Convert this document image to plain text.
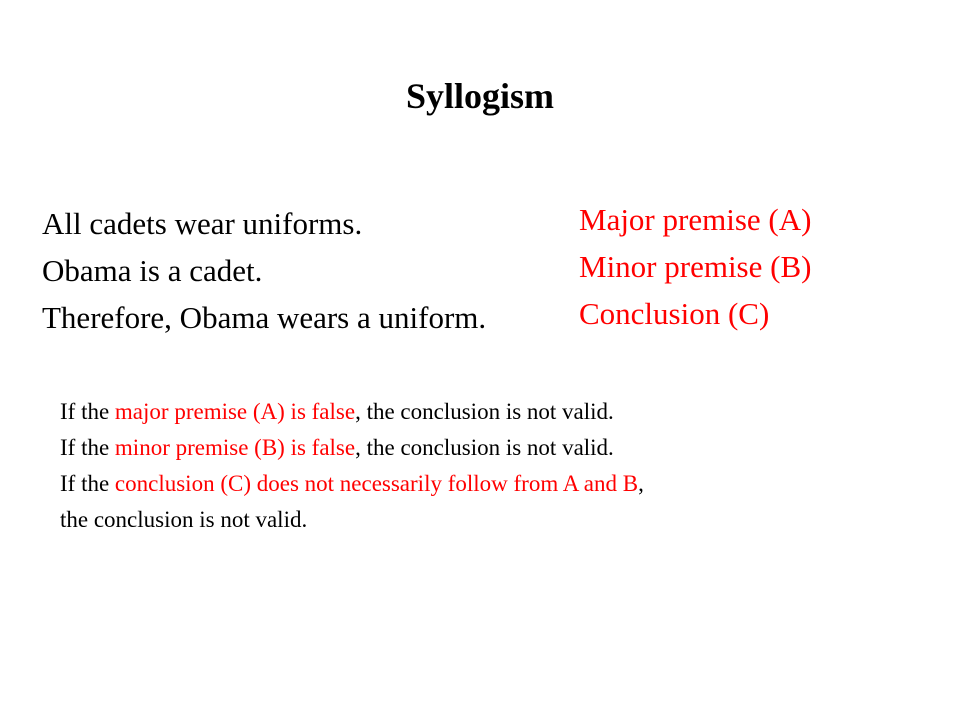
Syllogism
All cadets wear uniforms.
Obama is a cadet.
Therefore, Obama wears a uniform.
Major premise (A)
Minor premise (B)
Conclusion (C)
If the major premise (A) is false, the conclusion is not valid.
If the minor premise (B) is false, the conclusion is not valid.
If the conclusion (C) does not necessarily follow from A and B,
the conclusion is not valid.
